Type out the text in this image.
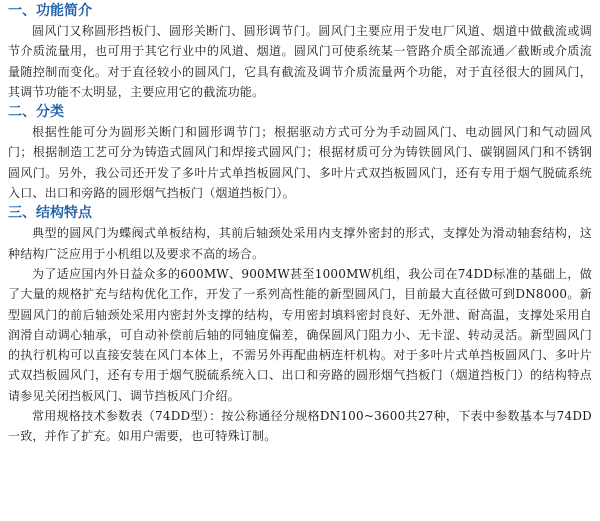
一、功能简介

圆风门又称圆形挡板门、圆形关断门、圆形调节门。圆风门主要应用于发电厂风道、烟道中做截流或调节介质流量用，也可用于其它行业中的风道、烟道。圆风门可使系统某一管路介质全部流通／截断或介质流量随控制而变化。对于直径较小的圆风门，它具有截流及调节介质流量两个功能，对于直径很大的圆风门，其调节功能不太明显，主要应用它的截流功能。

二、分类

根据性能可分为圆形关断门和圆形调节门；根据驱动方式可分为手动圆风门、电动圆风门和气动圆风门；根据制造工艺可分为铸造式圆风门和焊接式圆风门；根据材质可分为铸铁圆风门、碳钢圆风门和不锈钢圆风门。另外，我公司还开发了多叶片式单挡板圆风门、多叶片式双挡板圆风门，还有专用于烟气脱硫系统入口、出口和旁路的圆形烟气挡板门（烟道挡板门）。

三、结构特点

典型的圆风门为蝶阀式单板结构，其前后轴颈处采用内支撑外密封的形式，支撑处为滑动轴套结构，这种结构广泛应用于小机组以及要求不高的场合。

为了适应国内外日益众多的600MW、900MW甚至1000MW机组，我公司在74DD标准的基础上，做了大量的规格扩充与结构优化工作，开发了一系列高性能的新型圆风门，目前最大直径做可到DN8000。新型圆风门的前后轴颈处采用内密封外支撑的结构，专用密封填料密封良好、无外泄、耐高温，支撑处采用自润滑自动调心轴承，可自动补偿前后轴的同轴度偏差，确保圆风门阻力小、无卡涩、转动灵活。新型圆风门的执行机构可以直接安装在风门本体上，不需另外再配曲柄连杆机构。对于多叶片式单挡板圆风门、多叶片式双挡板圆风门，还有专用于烟气脱硫系统入口、出口和旁路的圆形烟气挡板门（烟道挡板门）的结构特点请参见关闭挡板风门、调节挡板风门介绍。

常用规格技术参数表（74DD型）：按公称通径分规格DN100~3600共27种，下表中参数基本与74DD一致，并作了扩充。如用户需要，也可特殊订制。
